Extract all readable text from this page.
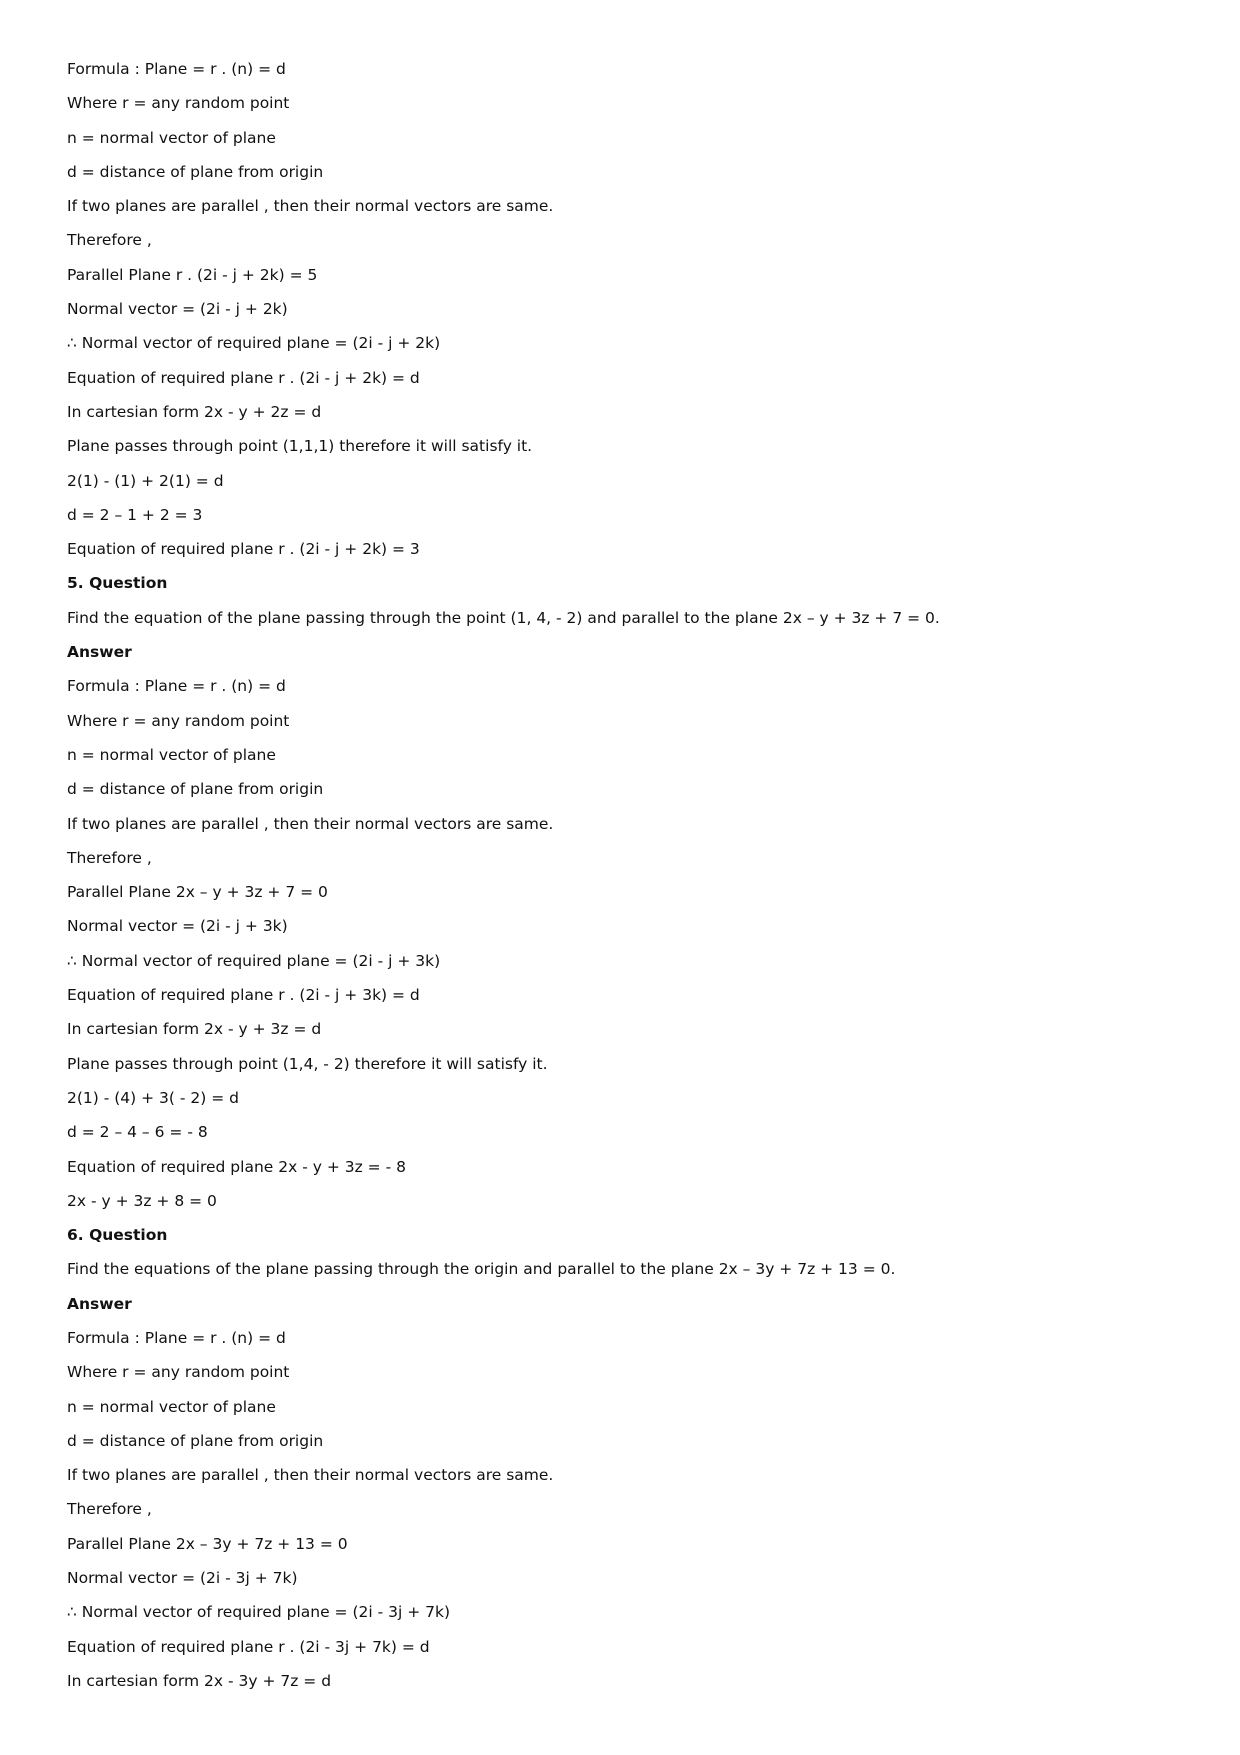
Formula : Plane = r . (n) = d
Where r = any random point
n = normal vector of plane
d = distance of plane from origin
If two planes are parallel , then their normal vectors are same.
Therefore ,
Parallel Plane r . (2i - j + 2k) = 5
Normal vector = (2i - j + 2k)
∴ Normal vector of required plane = (2i - j + 2k)
Equation of required plane r . (2i - j + 2k) = d
In cartesian form 2x - y + 2z = d
Plane passes through point (1,1,1) therefore it will satisfy it.
2(1) - (1) + 2(1) = d
d = 2 – 1 + 2 = 3
Equation of required plane r . (2i - j + 2k) = 3
5. Question
Find the equation of the plane passing through the point (1, 4, - 2) and parallel to the plane 2x – y + 3z + 7 = 0.
Answer
Formula : Plane = r . (n) = d
Where r = any random point
n = normal vector of plane
d = distance of plane from origin
If two planes are parallel , then their normal vectors are same.
Therefore ,
Parallel Plane 2x – y + 3z + 7 = 0
Normal vector = (2i - j + 3k)
∴ Normal vector of required plane = (2i - j + 3k)
Equation of required plane r . (2i - j + 3k) = d
In cartesian form 2x - y + 3z = d
Plane passes through point (1,4, - 2) therefore it will satisfy it.
2(1) - (4) + 3( - 2) = d
d = 2 – 4 – 6 = - 8
Equation of required plane 2x - y + 3z = - 8
2x - y + 3z + 8 = 0
6. Question
Find the equations of the plane passing through the origin and parallel to the plane 2x – 3y + 7z + 13 = 0.
Answer
Formula : Plane = r . (n) = d
Where r = any random point
n = normal vector of plane
d = distance of plane from origin
If two planes are parallel , then their normal vectors are same.
Therefore ,
Parallel Plane 2x – 3y + 7z + 13 = 0
Normal vector = (2i - 3j + 7k)
∴ Normal vector of required plane = (2i - 3j + 7k)
Equation of required plane r . (2i - 3j + 7k) = d
In cartesian form 2x - 3y + 7z = d
